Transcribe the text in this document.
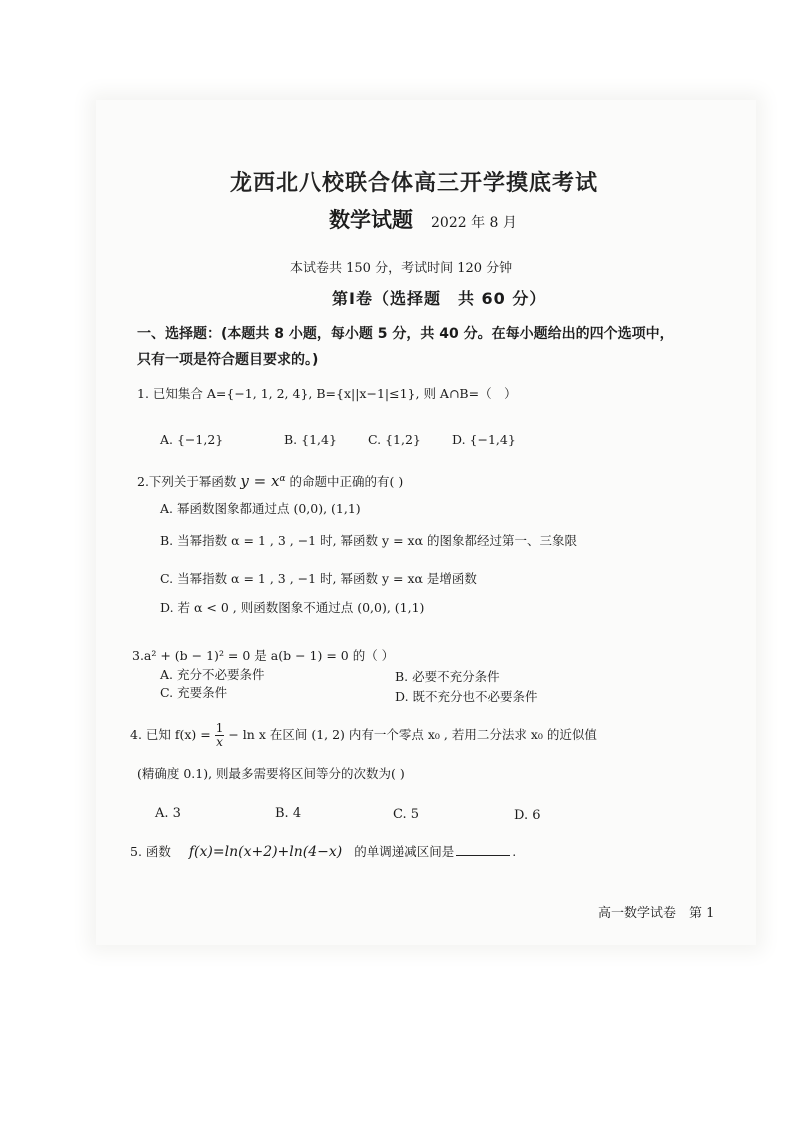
龙西北八校联合体高三开学摸底考试
数学试题 2022 年 8 月
本试卷共 150 分，考试时间 120 分钟
第Ⅰ卷（选择题　共 60 分）
一、选择题：(本题共 8 小题，每小题 5 分，共 40 分。在每小题给出的四个选项中，
只有一项是符合题目要求的。)
1. 已知集合 A={−1, 1, 2, 4}, B={x||x−1|≤1}, 则 A∩B=（　）
A. {−1,2}	B. {1,4} C. {1,2} D. {−1,4}
2.下列关于幂函数 $y = x^\alpha$ 的命题中正确的有( )
A. 幂函数图象都通过点 (0,0), (1,1)
B. 当幂指数 α = 1 , 3 , −1 时, 幂函数 y = xα 的图象都经过第一、三象限
C. 当幂指数 α = 1 , 3 , −1 时, 幂函数 y = xα 是增函数
D. 若 α < 0 , 则函数图象不通过点 (0,0), (1,1)
3.a² + (b − 1)² = 0 是 a(b − 1) = 0 的（ ）
A. 充分不必要条件	B. 必要不充分条件
C. 充要条件	D. 既不充分也不必要条件
4. 已知 $f(x) = \frac{1}{x} - \ln x$ 在区间 (1, 2) 内有一个零点 x₀ , 若用二分法求 x₀ 的近似值
(精确度 0.1), 则最多需要将区间等分的次数为( )
A. 3	B. 4	C. 5	D. 6
5. 函数 f(x)=ln(x+2)+ln(4−x) 的单调递减区间是	.
高一数学试卷　第 1
